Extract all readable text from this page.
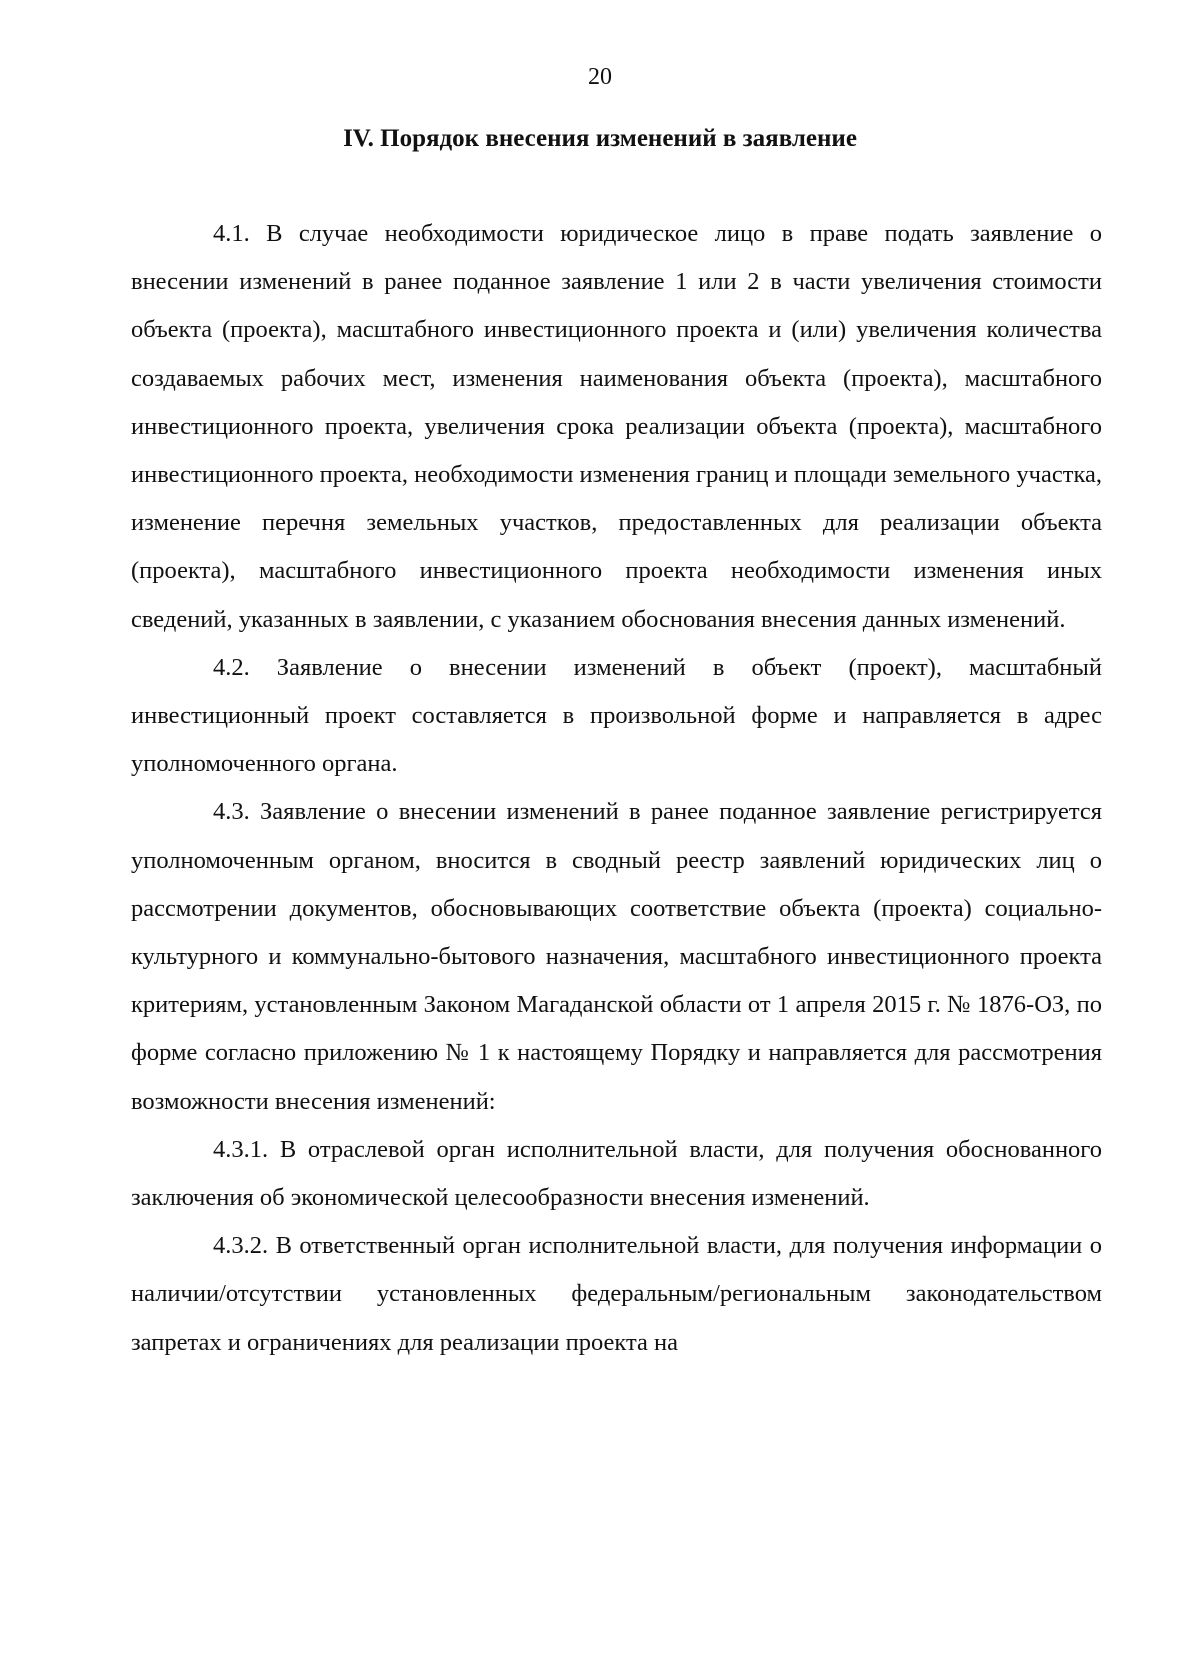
20
IV. Порядок внесения изменений в заявление

4.1. В случае необходимости юридическое лицо в праве подать заявление о внесении изменений в ранее поданное заявление 1 или 2 в части увеличения стоимости объекта (проекта), масштабного инвестиционного проекта и (или) увеличения количества создаваемых рабочих мест, изменения наименования объекта (проекта), масштабного инвестиционного проекта, увеличения срока реализации объекта (проекта), масштабного инвестиционного проекта, необходимости изменения границ и площади земельного участка, изменение перечня земельных участков, предоставленных для реализации объекта (проекта), масштабного инвестиционного проекта необходимости изменения иных сведений, указанных в заявлении, с указанием обоснования внесения данных изменений.

4.2. Заявление о внесении изменений в объект (проект), масштабный инвестиционный проект составляется в произвольной форме и направляется в адрес уполномоченного органа.

4.3. Заявление о внесении изменений в ранее поданное заявление регистрируется уполномоченным органом, вносится в сводный реестр заявлений юридических лиц о рассмотрении документов, обосновывающих соответствие объекта (проекта) социально-культурного и коммунально-бытового назначения, масштабного инвестиционного проекта критериям, установленным Законом Магаданской области от 1 апреля 2015 г. № 1876-ОЗ, по форме согласно приложению № 1 к настоящему Порядку и направляется для рассмотрения возможности внесения изменений:

4.3.1. В отраслевой орган исполнительной власти, для получения обоснованного заключения об экономической целесообразности внесения изменений.

4.3.2. В ответственный орган исполнительной власти, для получения информации о наличии/отсутствии установленных федеральным/региональным законодательством запретах и ограничениях для реализации проекта на
